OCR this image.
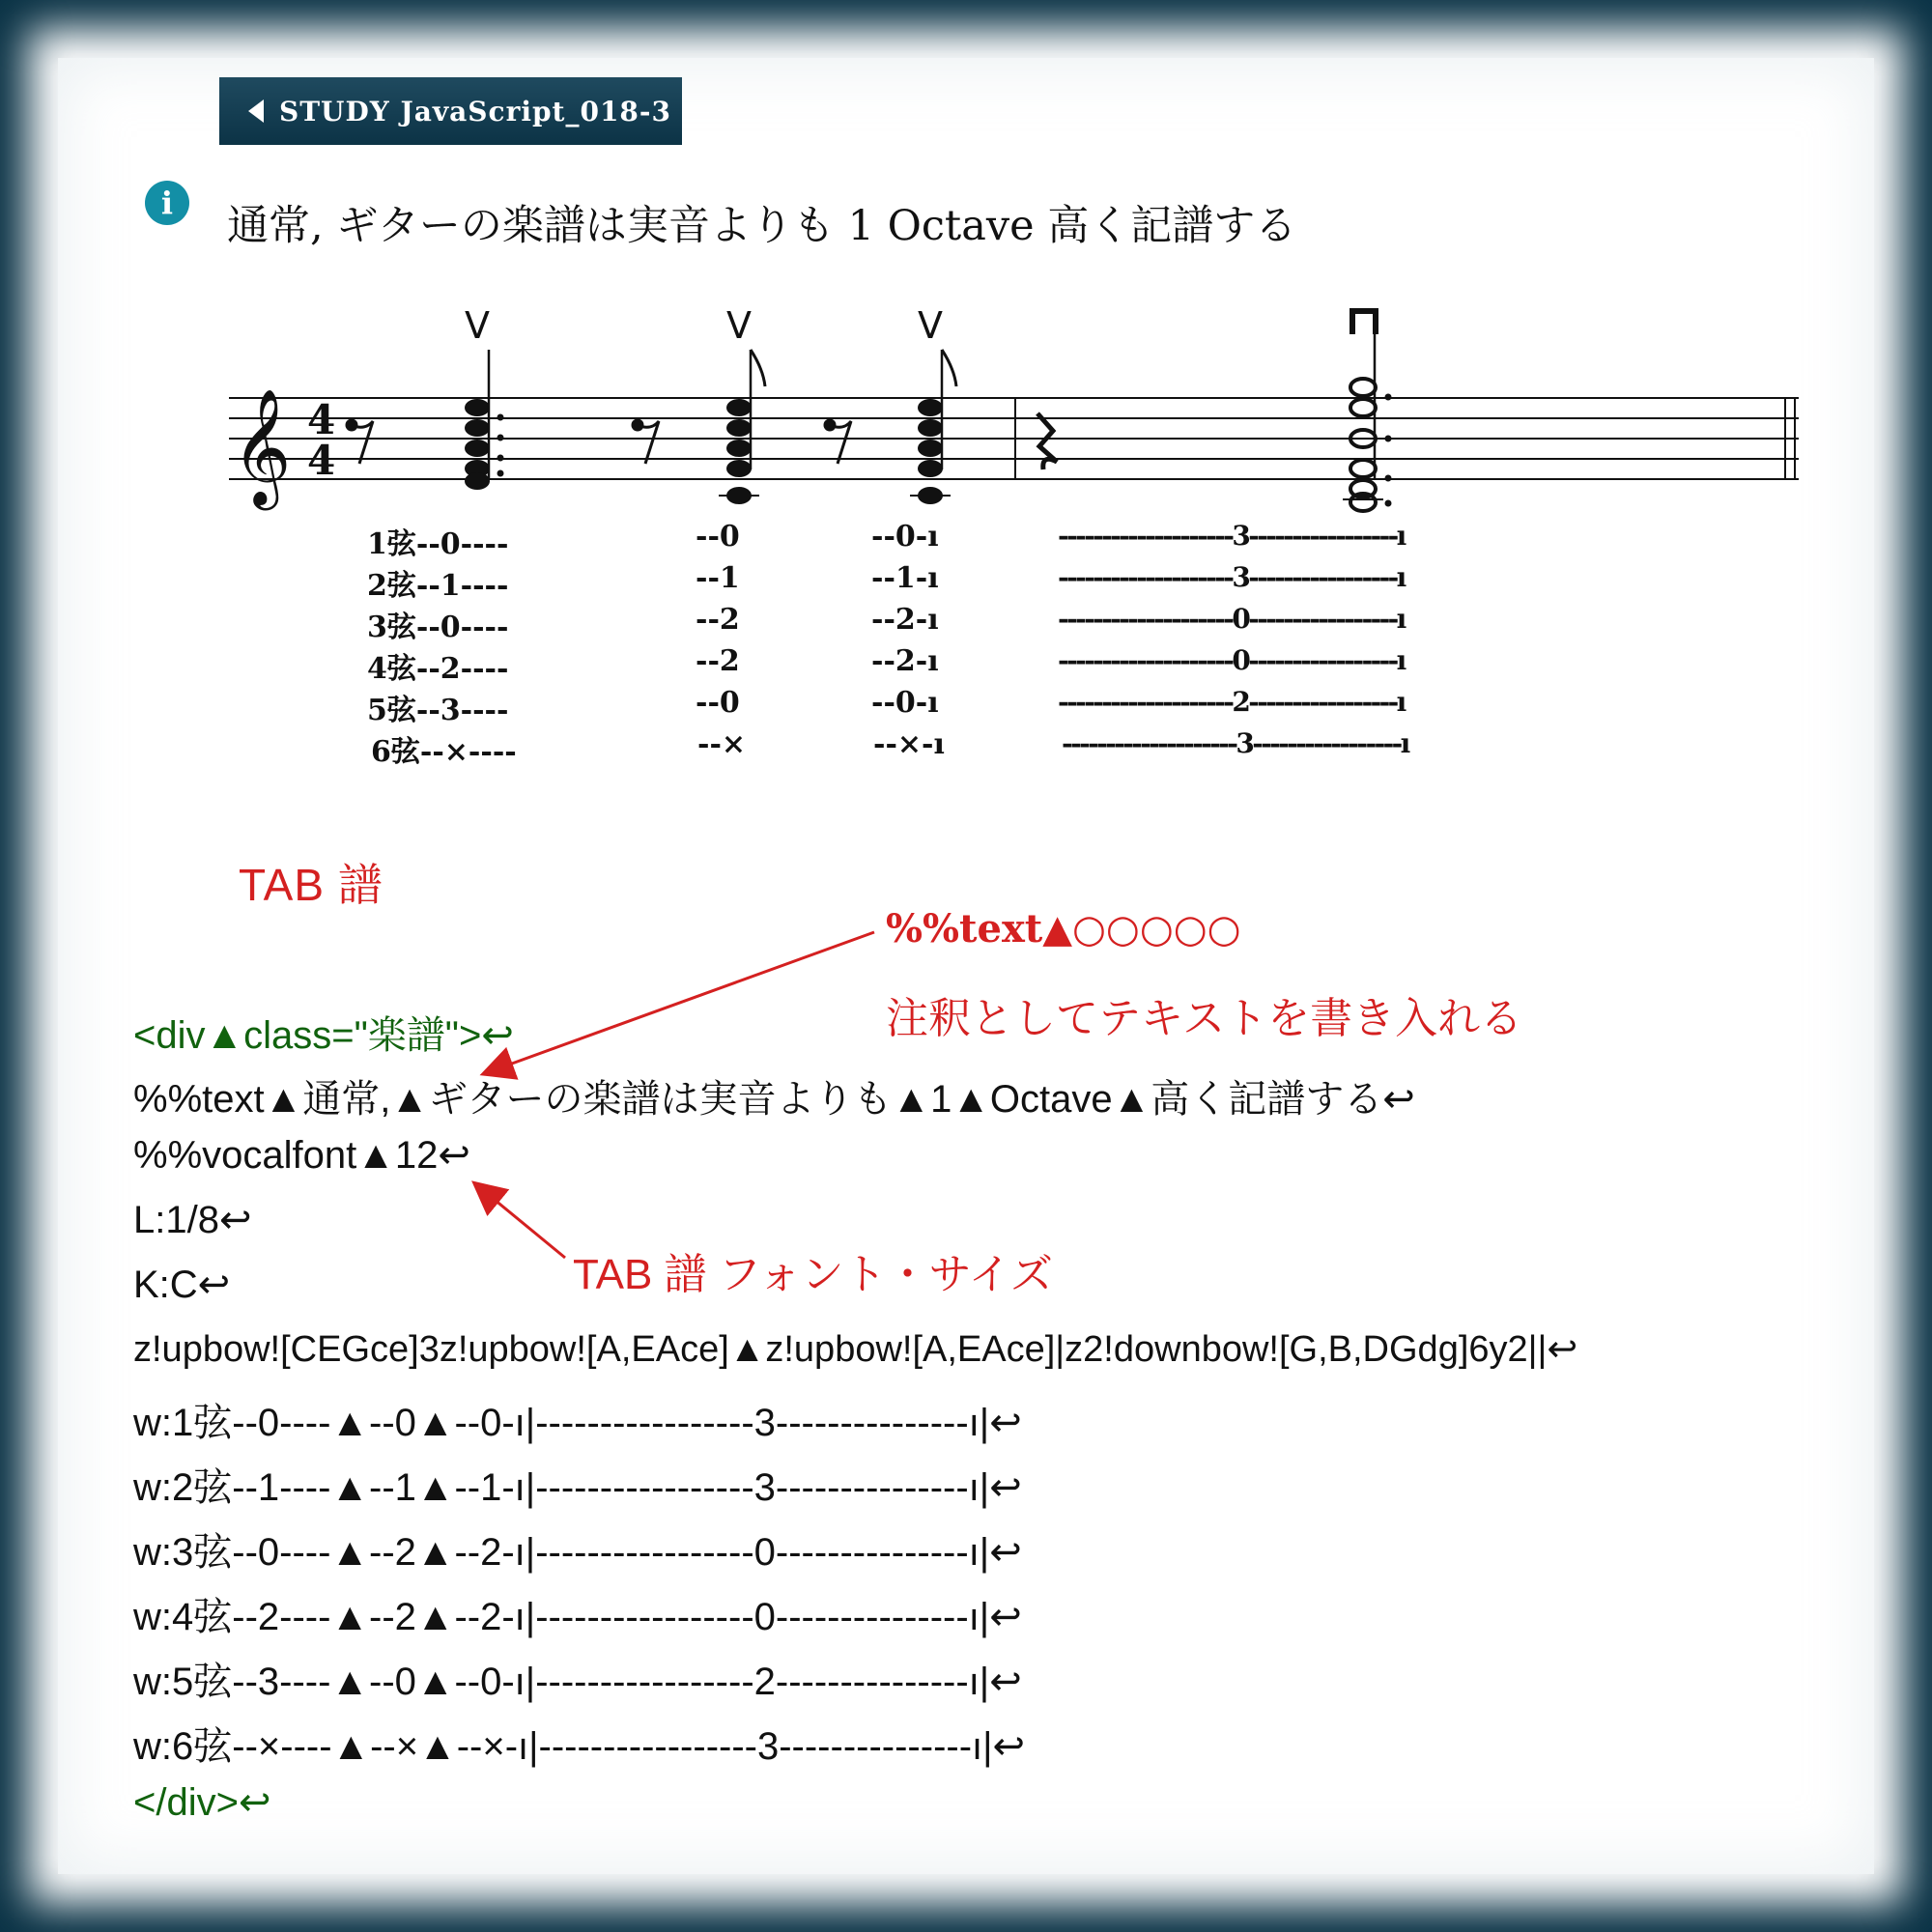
STUDY JavaScript_018-3
i 通常, ギターの楽譜は実音よりも 1 Octave 高く記譜する
𝄞 4
4
V	V	V
1弦--0----
2弦--1----
3弦--0----
4弦--2----
5弦--3----
6弦--×----
--0
--1
--2
--2
--0
--×
--0-ı
--1-ı
--2-ı
--2-ı
--0-ı
--×-ı
--------------------3-----------------ı
--------------------3-----------------ı
--------------------0-----------------ı
--------------------0-----------------ı
--------------------2-----------------ı
--------------------3-----------------ı
TAB 譜
%%text▲○○○○○
注釈としてテキストを書き入れる
TAB 譜 フォント・サイズ
<div▲class="楽譜">↩
%%text▲通常,▲ギターの楽譜は実音よりも▲1▲Octave▲高く記譜する↩
%%vocalfont▲12↩
L:1/8↩
K:C↩
z!upbow![CEGce]3z!upbow![A,EAce]▲z!upbow![A,EAce]|z2!downbow![G,B,DGdg]6y2||↩
w:1弦--0----▲--0▲--0-ı|-----------------3---------------ı|↩
w:2弦--1----▲--1▲--1-ı|-----------------3---------------ı|↩
w:3弦--0----▲--2▲--2-ı|-----------------0---------------ı|↩
w:4弦--2----▲--2▲--2-ı|-----------------0---------------ı|↩
w:5弦--3----▲--0▲--0-ı|-----------------2---------------ı|↩
w:6弦--×----▲--×▲--×-ı|-----------------3---------------ı|↩
</div>↩
